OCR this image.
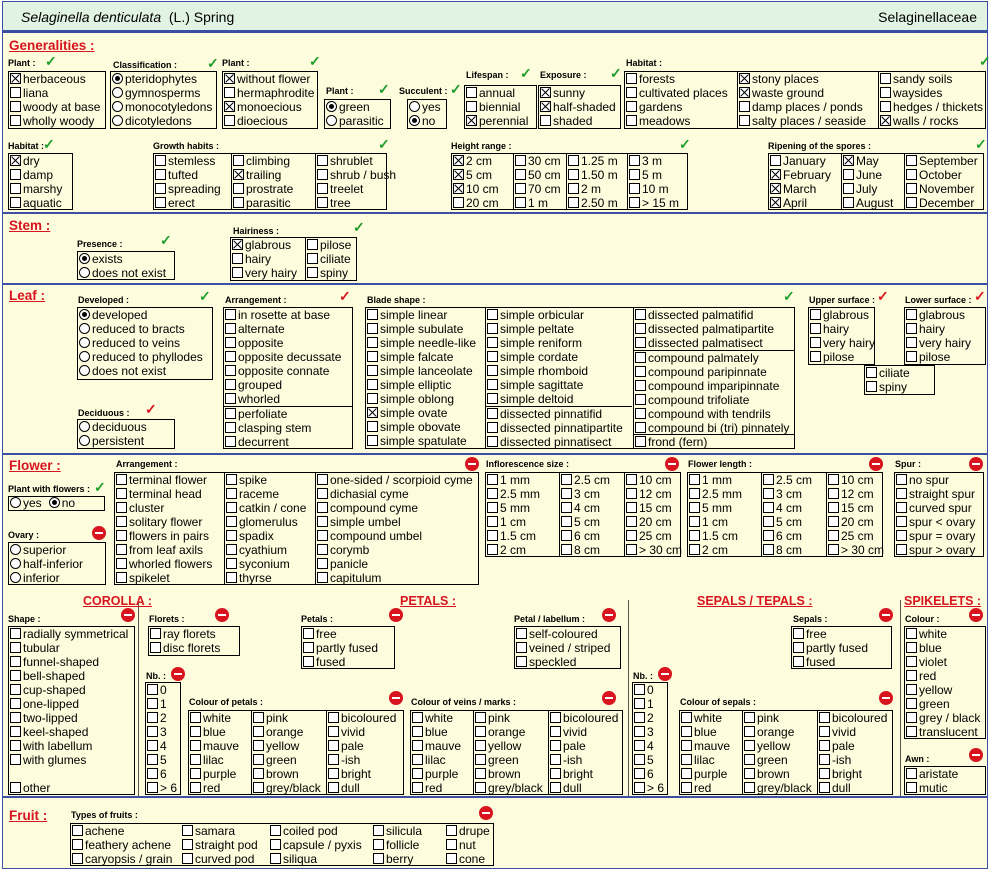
Selaginella denticulata (L.) Spring	Selaginellaceae
Generalities :
Plant : ✓
herbaceous
liana
woody at base
wholly woody
Classification : ✓
pteridophytes
gymnosperms
monocotyledons
dicotyledons
Plant :	✓
without flower
hermaphrodite
monoecious
dioecious
Plant : ✓
green
parasitic
Succulent : ✓
yes
no
Lifespan : ✓
annual
biennial
perennial
Exposure : ✓
sunny
half-shaded
shaded
Habitat :	✓
forests
cultivated places
gardens
meadows
stony places
waste ground
damp places / ponds
salty places / seaside
sandy soils
waysides
hedges / thickets
walls / rocks
Habitat : ✓
dry
damp
marshy
aquatic
Growth habits :	✓
stemless
tufted
spreading
erect
climbing
trailing
prostrate
parasitic
shrublet
shrub / bush
treelet
tree
Height range :	✓
2 cm
5 cm
10 cm
20 cm
30 cm
50 cm
70 cm
1 m
1.25 m
1.50 m
2 m
2.50 m
3 m
5 m
10 m
> 15 m
Ripening of the spores :	✓
January
February
March
April
May
June
July
August
September
October
November
December
Stem :
Presence :	✓
exists
does not exist
Hairiness :	✓
glabrous
hairy
very hairy
pilose
ciliate
spiny
Leaf :	Developed :	✓
developed
reduced to bracts
reduced to veins
reduced to phyllodes
does not exist
Arrangement :	✓
in rosette at base
alternate
opposite
opposite decussate
opposite connate
grouped
whorled
perfoliate
clasping stem
decurrent
Blade shape :	✓
simple linear
simple subulate
simple needle-like
simple falcate
simple lanceolate
simple elliptic
simple oblong
simple ovate
simple obovate
simple spatulate
simple orbicular
simple peltate
simple reniform
simple cordate
simple rhomboid
simple sagittate
simple deltoid
dissected pinnatifid
dissected pinnatipartite
dissected pinnatisect
dissected palmatifid
dissected palmatipartite
dissected palmatisect
compound palmately
compound paripinnate
compound imparipinnate
compound trifoliate
compound with tendrils
compound bi (tri) pinnately
frond (fern)
Upper surface : ✓
glabrous
hairy
very hairy
pilose
Lower surface : ✓
glabrous
hairy
very hairy
pilose
ciliate
spiny
Deciduous : ✓
deciduous
persistent
Flower :
Plant with flowers : ✓
yes no
Ovary :
superior
half-inferior
inferior
Arrangement :
terminal flower
terminal head
cluster
solitary flower
flowers in pairs
from leaf axils
whorled flowers
spikelet
spike
raceme
catkin / cone
glomerulus
spadix
cyathium
syconium
thyrse
one-sided / scorpioid cyme
dichasial cyme
compound cyme
simple umbel
compound umbel
corymb
panicle
capitulum
Inflorescence size :
1 mm
2.5 mm
5 mm
1 cm
1.5 cm
2 cm
2.5 cm
3 cm
4 cm
5 cm
6 cm
8 cm
10 cm
12 cm
15 cm
20 cm
25 cm
> 30 cm
Flower length :
1 mm
2.5 mm
5 mm
1 cm
1.5 cm
2 cm
2.5 cm
3 cm
4 cm
5 cm
6 cm
8 cm
10 cm
12 cm
15 cm
20 cm
25 cm
> 30 cm
Spur :
no spur
straight spur
curved spur
spur < ovary
spur = ovary
spur > ovary
COROLLA :	PETALS :	SEPALS / TEPALS :	SPIKELETS :
Shape :
radially symmetrical
tubular
funnel-shaped
bell-shaped
cup-shaped
one-lipped
two-lipped
keel-shaped
with labellum
with glumes
other
Florets :
ray florets
disc florets
Petals :
free
partly fused
fused
Petal / labellum :
self-coloured
veined / striped
speckled
Sepals :
free
partly fused
fused
Colour :
white
blue
violet
red
yellow
green
grey / black
translucent
Nb. :
0
1
2
3
4
5
6
> 6
Nb. :
0
1
2
3
4
5
6
> 6
Colour of petals :
white
blue
mauve
lilac
purple
red
pink
orange
yellow
green
brown
grey/black
bicoloured
vivid
pale
-ish
bright
dull
Colour of veins / marks :
white
blue
mauve
lilac
purple
red
pink
orange
yellow
green
brown
grey/black
bicoloured
vivid
pale
-ish
bright
dull
Colour of sepals :
white
blue
mauve
lilac
purple
red
pink
orange
yellow
green
brown
grey/black
bicoloured
vivid
pale
-ish
bright
dull
Awn :
aristate
mutic
Fruit :	Types of fruits :
achene
feathery achene
caryopsis / grain
samara
straight pod
curved pod
coiled pod
capsule / pyxis
siliqua
silicula
follicle
berry
drupe
nut
cone
